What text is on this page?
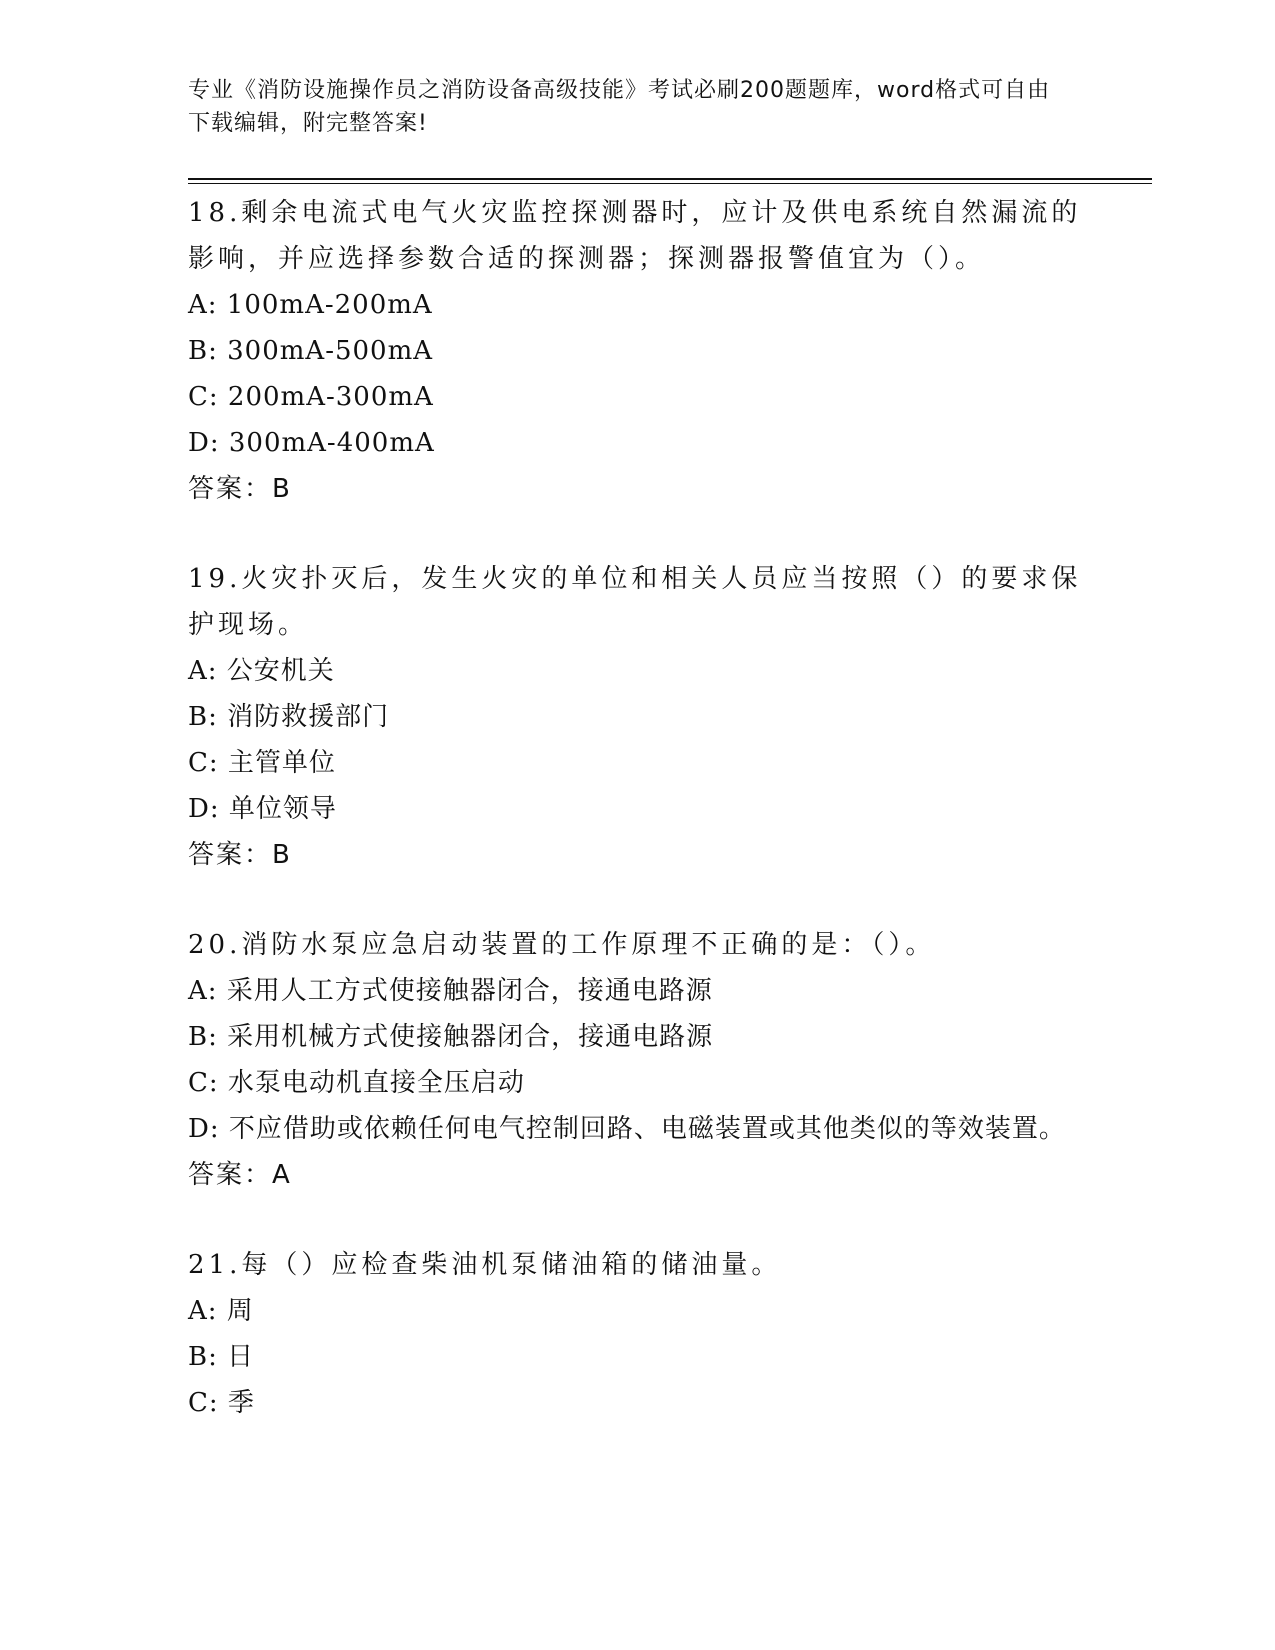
专业《消防设施操作员之消防设备高级技能》考试必刷200题题库，word格式可自由下载编辑，附完整答案!
18.剩余电流式电气火灾监控探测器时，应计及供电系统自然漏流的影响，并应选择参数合适的探测器；探测器报警值宜为（）。
A: 100mA-200mA
B: 300mA-500mA
C: 200mA-300mA
D: 300mA-400mA
答案：B
19.火灾扑灭后，发生火灾的单位和相关人员应当按照（）的要求保护现场。
A: 公安机关
B: 消防救援部门
C: 主管单位
D: 单位领导
答案：B
20.消防水泵应急启动装置的工作原理不正确的是：（）。
A: 采用人工方式使接触器闭合，接通电路源
B: 采用机械方式使接触器闭合，接通电路源
C: 水泵电动机直接全压启动
D: 不应借助或依赖任何电气控制回路、电磁装置或其他类似的等效装置。
答案：A
21.每（）应检查柴油机泵储油箱的储油量。
A: 周
B: 日
C: 季
